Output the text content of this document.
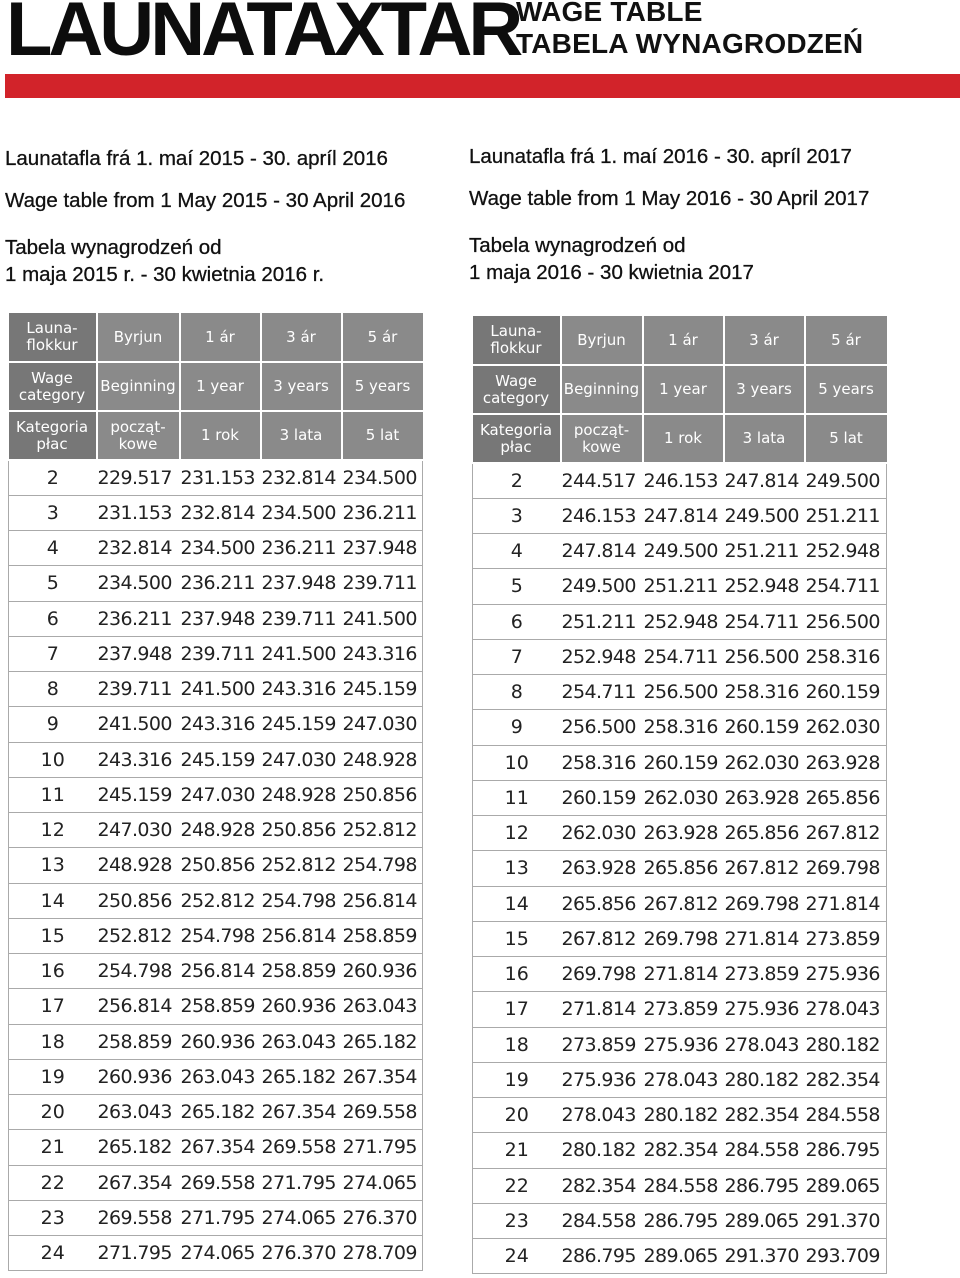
LAUNATAXTAR
WAGE TABLE
TABELA WYNAGRODZEŃ
Launatafla frá 1. maí 2015 - 30. apríl 2016
Wage table from 1 May 2015 - 30 April 2016
Tabela wynagrodzeń od
1 maja 2015 r. - 30 kwietnia 2016 r.
Launatafla frá 1. maí 2016 - 30. apríl 2017
Wage table from 1 May 2016 - 30 April 2017
Tabela wynagrodzeń od
1 maja 2016 - 30 kwietnia 2017
Launa-
flokkur	Byrjun	1 ár	3 ár	5 ár
Wage
category	Beginning	1 year	3 years	5 years
Kategoria
płac	począt-
kowe	1 rok	3 lata	5 lat
2	229.517	231.153	232.814	234.500
3	231.153	232.814	234.500	236.211
4	232.814	234.500	236.211	237.948
5	234.500	236.211	237.948	239.711
6	236.211	237.948	239.711	241.500
7	237.948	239.711	241.500	243.316
8	239.711	241.500	243.316	245.159
9	241.500	243.316	245.159	247.030
10	243.316	245.159	247.030	248.928
11	245.159	247.030	248.928	250.856
12	247.030	248.928	250.856	252.812
13	248.928	250.856	252.812	254.798
14	250.856	252.812	254.798	256.814
15	252.812	254.798	256.814	258.859
16	254.798	256.814	258.859	260.936
17	256.814	258.859	260.936	263.043
18	258.859	260.936	263.043	265.182
19	260.936	263.043	265.182	267.354
20	263.043	265.182	267.354	269.558
21	265.182	267.354	269.558	271.795
22	267.354	269.558	271.795	274.065
23	269.558	271.795	274.065	276.370
24	271.795	274.065	276.370	278.709
Launa-
flokkur	Byrjun	1 ár	3 ár	5 ár
Wage
category	Beginning	1 year	3 years	5 years
Kategoria
płac	począt-
kowe	1 rok	3 lata	5 lat
2	244.517	246.153	247.814	249.500
3	246.153	247.814	249.500	251.211
4	247.814	249.500	251.211	252.948
5	249.500	251.211	252.948	254.711
6	251.211	252.948	254.711	256.500
7	252.948	254.711	256.500	258.316
8	254.711	256.500	258.316	260.159
9	256.500	258.316	260.159	262.030
10	258.316	260.159	262.030	263.928
11	260.159	262.030	263.928	265.856
12	262.030	263.928	265.856	267.812
13	263.928	265.856	267.812	269.798
14	265.856	267.812	269.798	271.814
15	267.812	269.798	271.814	273.859
16	269.798	271.814	273.859	275.936
17	271.814	273.859	275.936	278.043
18	273.859	275.936	278.043	280.182
19	275.936	278.043	280.182	282.354
20	278.043	280.182	282.354	284.558
21	280.182	282.354	284.558	286.795
22	282.354	284.558	286.795	289.065
23	284.558	286.795	289.065	291.370
24	286.795	289.065	291.370	293.709
